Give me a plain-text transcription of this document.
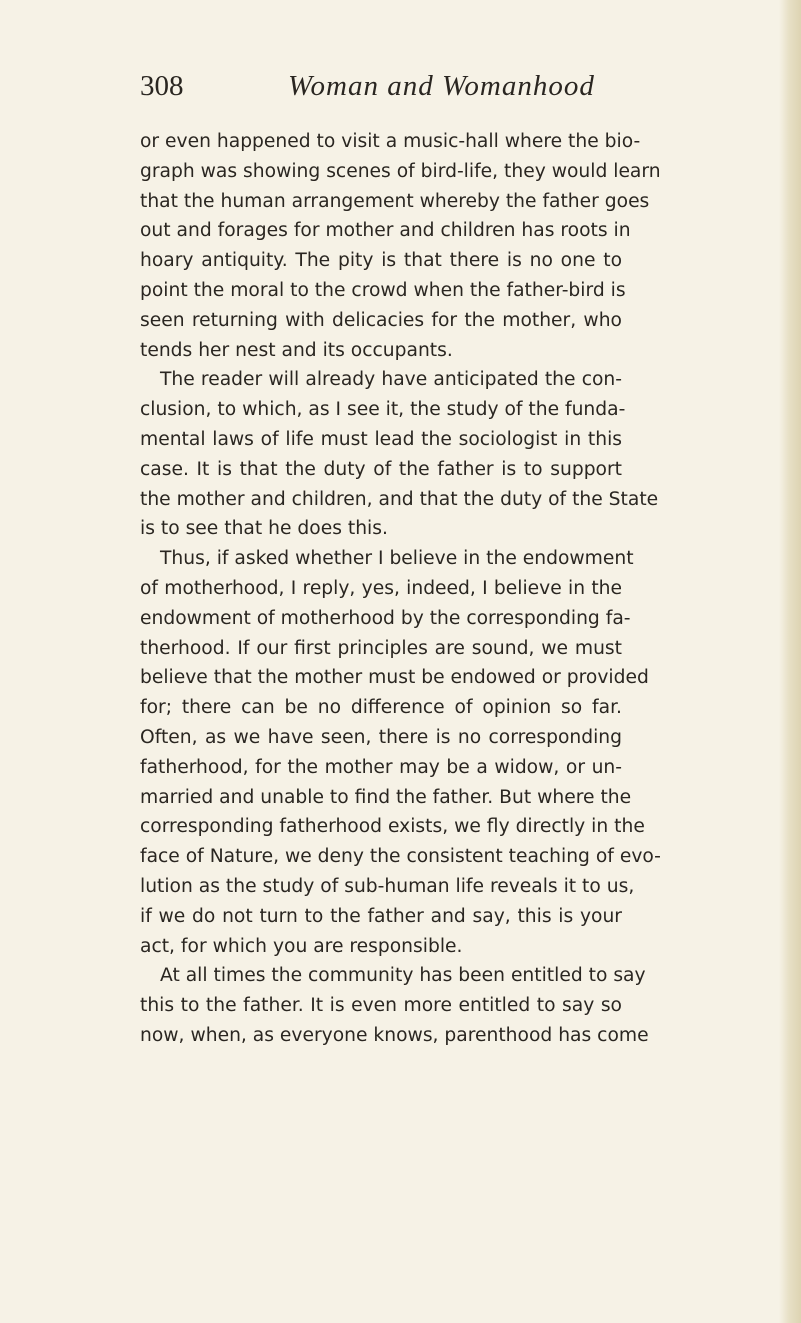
308	Woman and Womanhood
or even happened to visit a music-hall where the bio-
graph was showing scenes of bird-life, they would learn
that the human arrangement whereby the father goes
out and forages for mother and children has roots in
hoary antiquity. The pity is that there is no one to
point the moral to the crowd when the father-bird is
seen returning with delicacies for the mother, who
tends her nest and its occupants.
The reader will already have anticipated the con-
clusion, to which, as I see it, the study of the funda-
mental laws of life must lead the sociologist in this
case. It is that the duty of the father is to support
the mother and children, and that the duty of the State
is to see that he does this.
Thus, if asked whether I believe in the endowment
of motherhood, I reply, yes, indeed, I believe in the
endowment of motherhood by the corresponding fa-
therhood. If our first principles are sound, we must
believe that the mother must be endowed or provided
for; there can be no difference of opinion so far.
Often, as we have seen, there is no corresponding
fatherhood, for the mother may be a widow, or un-
married and unable to find the father. But where the
corresponding fatherhood exists, we fly directly in the
face of Nature, we deny the consistent teaching of evo-
lution as the study of sub-human life reveals it to us,
if we do not turn to the father and say, this is your
act, for which you are responsible.
At all times the community has been entitled to say
this to the father. It is even more entitled to say so
now, when, as everyone knows, parenthood has come
